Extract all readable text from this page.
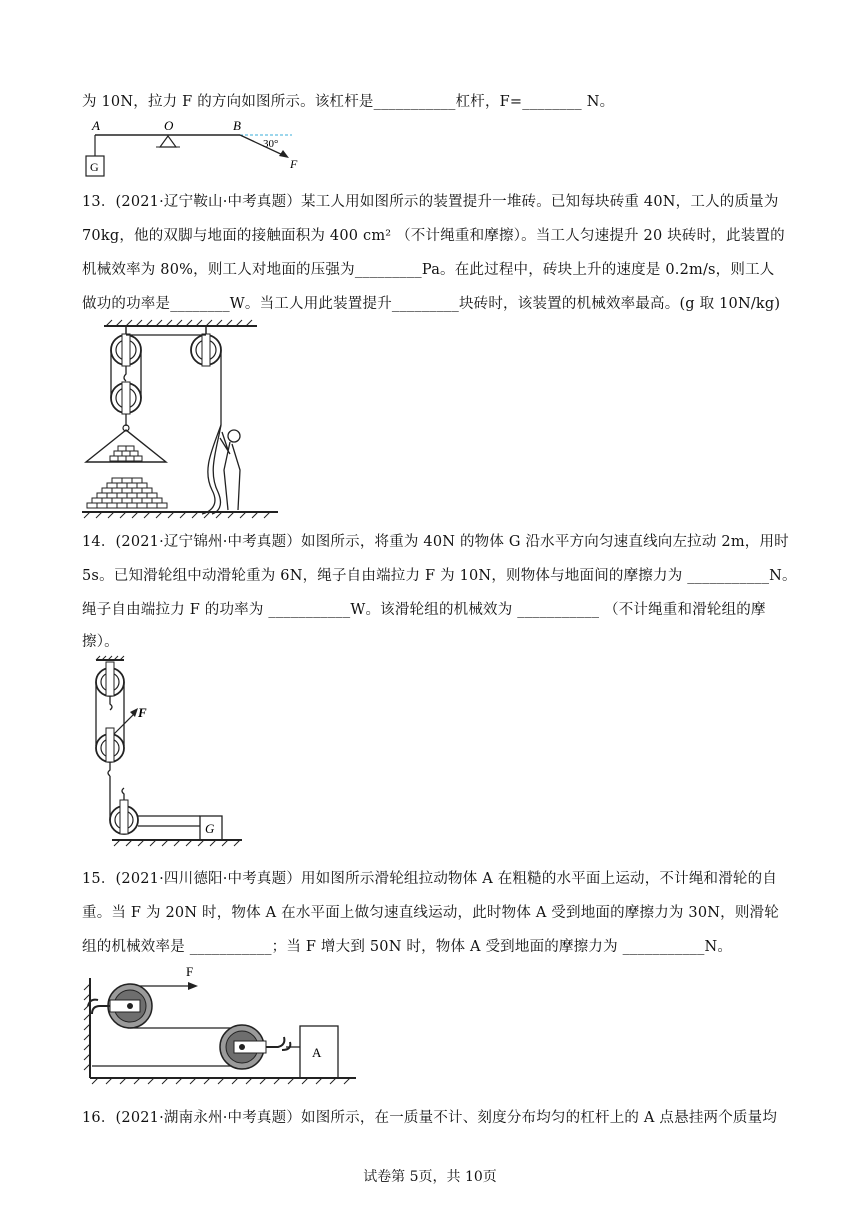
为 10N，拉力 F 的方向如图所示。该杠杆是___________杠杆，F=________ N。
A	O	B
G
30°
F
13．(2021·辽宁鞍山·中考真题）某工人用如图所示的装置提升一堆砖。已知每块砖重 40N，工人的质量为
70kg，他的双脚与地面的接触面积为 400 cm² （不计绳重和摩擦）。当工人匀速提升 20 块砖时，此装置的
机械效率为 80%，则工人对地面的压强为_________Pa。在此过程中，砖块上升的速度是 0.2m/s，则工人
做功的功率是________W。当工人用此装置提升_________块砖时，该装置的机械效率最高。(g 取 10N/kg)
14．(2021·辽宁锦州·中考真题）如图所示，将重为 40N 的物体 G 沿水平方向匀速直线向左拉动 2m，用时
5s。已知滑轮组中动滑轮重为 6N，绳子自由端拉力 F 为 10N，则物体与地面间的摩擦力为 ___________N。
绳子自由端拉力 F 的功率为 ___________W。该滑轮组的机械效为 ___________ （不计绳重和滑轮组的摩
擦）。
F
G
15．(2021·四川德阳·中考真题）用如图所示滑轮组拉动物体 A 在粗糙的水平面上运动，不计绳和滑轮的自
重。当 F 为 20N 时，物体 A 在水平面上做匀速直线运动，此时物体 A 受到地面的摩擦力为 30N，则滑轮
组的机械效率是 ___________；当 F 增大到 50N 时，物体 A 受到地面的摩擦力为 ___________N。
F
A
16．(2021·湖南永州·中考真题）如图所示，在一质量不计、刻度分布均匀的杠杆上的 A 点悬挂两个质量均
试卷第 5页，共 10页
